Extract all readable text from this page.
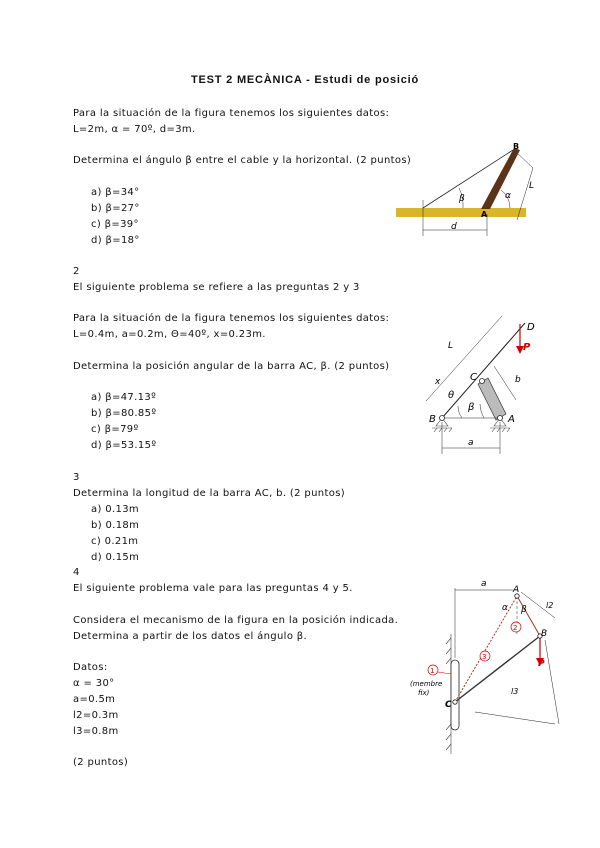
TEST 2 MECÀNICA - Estudi de posició
Para la situación de la figura tenemos los siguientes datos:
L=2m, α = 70º, d=3m.
Determina el ángulo β entre el cable y la horizontal. (2 puntos)
a) β=34°
b) β=27°
c) β=39°
d) β=18°
B
A
β	α
d
L
2
El siguiente problema se refiere a las preguntas 2 y 3
Para la situación de la figura tenemos los siguientes datos:
L=0.4m, a=0.2m, Θ=40º, x=0.23m.
Determina la posición angular de la barra AC, β. (2 puntos)
a) β=47.13º
b) β=80.85º
c) β=79º
d) β=53.15º
D
P
C
B	A
L
x
θ
β
b
a
3
Determina la longitud de la barra AC, b. (2 puntos)
a) 0.13m
b) 0.18m
c) 0.21m
d) 0.15m
4
El siguiente problema vale para las preguntas 4 y 5.
Considera el mecanismo de la figura en la posición indicada.
Determina a partir de los datos el ángulo β.
Datos:
α = 30°
a=0.5m
l2=0.3m
l3=0.8m
(2 puntos)
a
A
B
C
P
α β l2
l3
1
2
3
(membre
fix)
